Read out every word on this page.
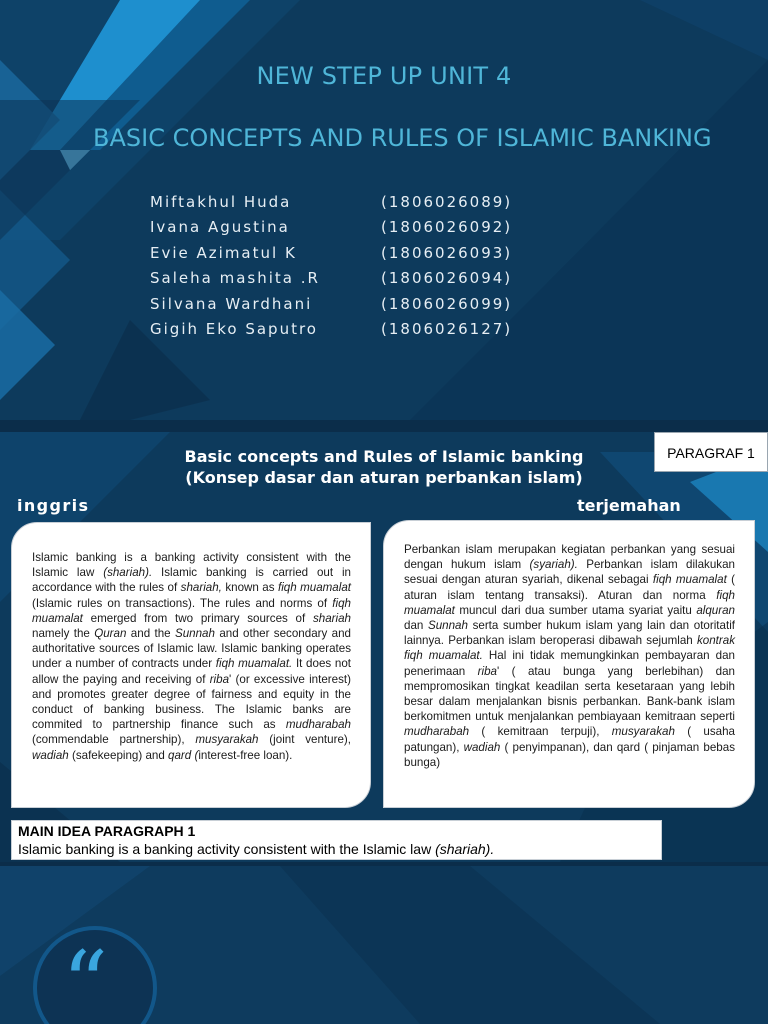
NEW STEP UP UNIT 4
BASIC CONCEPTS AND RULES OF ISLAMIC BANKING
Miftakhul Huda	(1806026089)
Ivana Agustina	(1806026092)
Evie Azimatul K	(1806026093)
Saleha mashita .R	(1806026094)
Silvana Wardhani	(1806026099)
Gigih Eko Saputro	(1806026127)
PARAGRAF 1
Basic concepts and Rules of Islamic banking
(Konsep dasar dan aturan perbankan islam)
inggris	terjemahan

Islamic banking is a banking activity consistent with the Islamic law (shariah). Islamic banking is carried out in accordance with the rules of shariah, known as fiqh muamalat (Islamic rules on transactions). The rules and norms of fiqh muamalat emerged from two primary sources of shariah namely the Quran and the Sunnah and other secondary and authoritative sources of Islamic law. Islamic banking operates under a number of contracts under fiqh muamalat. It does not allow the paying and receiving of riba' (or excessive interest) and promotes greater degree of fairness and equity in the conduct of banking business. The Islamic banks are commited to partnership finance such as mudharabah (commendable partnership), musyarakah (joint venture), wadiah (safekeeping) and qard (interest-free loan).

Perbankan islam merupakan kegiatan perbankan yang sesuai dengan hukum islam (syariah). Perbankan islam dilakukan sesuai dengan aturan syariah, dikenal sebagai fiqh muamalat ( aturan islam tentang transaksi). Aturan dan norma fiqh muamalat muncul dari dua sumber utama syariat yaitu alquran dan Sunnah serta sumber hukum islam yang lain dan otoritatif lainnya. Perbankan islam beroperasi dibawah sejumlah kontrak fiqh muamalat. Hal ini tidak memungkinkan pembayaran dan penerimaan riba' ( atau bunga yang berlebihan) dan mempromosikan tingkat keadilan serta kesetaraan yang lebih besar dalam menjalankan bisnis perbankan. Bank-bank islam berkomitmen untuk menjalankan pembiayaan kemitraan seperti mudharabah ( kemitraan terpuji), musyarakah ( usaha patungan), wadiah ( penyimpanan), dan qard ( pinjaman bebas bunga)

MAIN IDEA PARAGRAPH 1
Islamic banking is a banking activity consistent with the Islamic law (shariah).
“
